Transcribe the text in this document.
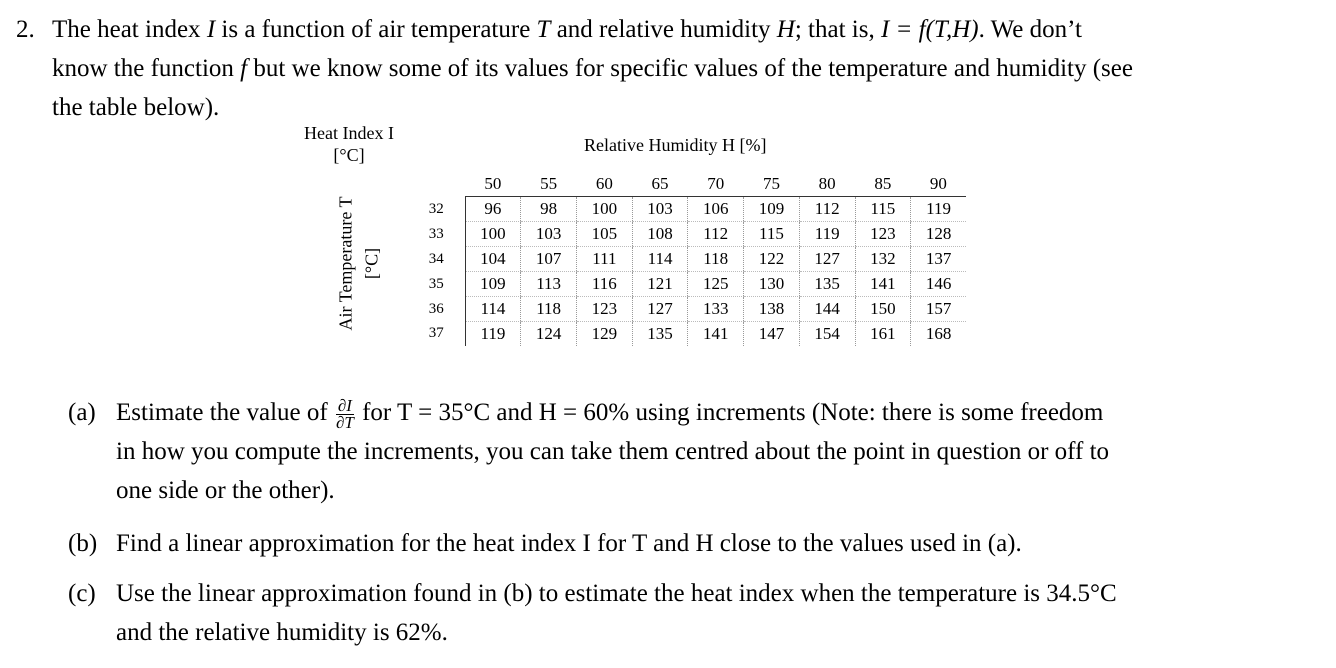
2. The heat index I is a function of air temperature T and relative humidity H; that is, I = f(T,H). We don’t
know the function f but we know some of its values for specific values of the temperature and humidity (see
the table below).
Heat Index I
[°C]	Relative Humidity H [%]
Air Temperature T [°C]
	50	55	60	65	70	75	80	85	90
32	96	98	100	103	106	109	112	115	119
33	100	103	105	108	112	115	119	123	128
34	104	107	111	114	118	122	127	132	137
35	109	113	116	121	125	130	135	141	146
36	114	118	123	127	133	138	144	150	157
37	119	124	129	135	141	147	154	161	168
(a) Estimate the value of $\frac{\partial I}{\partial T}$ for T = 35°C and H = 60% using increments (Note: there is some freedom
in how you compute the increments, you can take them centred about the point in question or off to
one side or the other).
(b) Find a linear approximation for the heat index I for T and H close to the values used in (a).
(c) Use the linear approximation found in (b) to estimate the heat index when the temperature is 34.5°C
and the relative humidity is 62%.
